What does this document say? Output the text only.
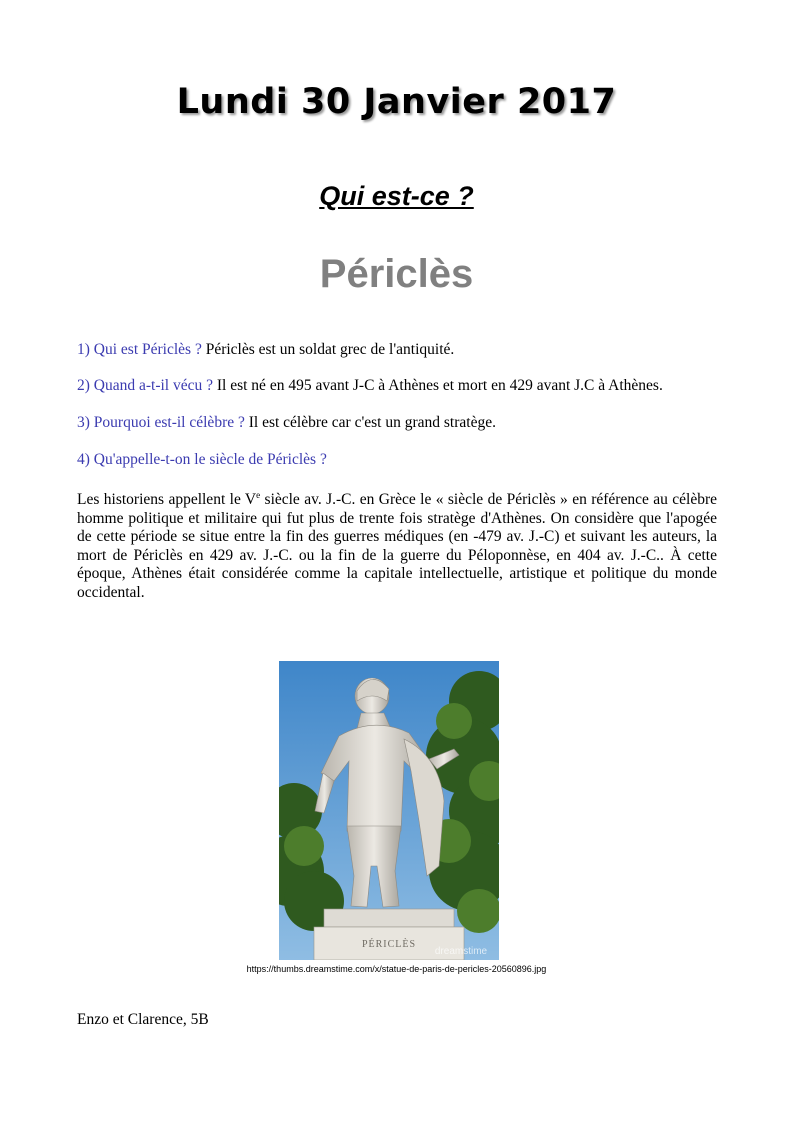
Lundi 30 Janvier 2017
Qui est-ce ?
Périclès
1) Qui est Périclès ? Périclès est un soldat grec de l'antiquité.
2) Quand a-t-il vécu ? Il est né en 495 avant J-C à Athènes et mort en 429 avant J.C à Athènes.
3) Pourquoi est-il célèbre ? Il est célèbre car c'est un grand stratège.
4) Qu'appelle-t-on le siècle de Périclès ?
Les historiens appellent le Ve siècle av. J.-C. en Grèce le « siècle de Périclès » en référence au célèbre homme politique et militaire qui fut plus de trente fois stratège d'Athènes. On considère que l'apogée de cette période se situe entre la fin des guerres médiques (en -479 av. J.-C) et suivant les auteurs, la mort de Périclès en 429 av. J.-C. ou la fin de la guerre du Péloponnèse, en 404 av. J.-C.. À cette époque, Athènes était considérée comme la capitale intellectuelle, artistique et politique du monde occidental.
PÉRICLÈS
dreamstime
https://thumbs.dreamstime.com/x/statue-de-paris-de-pericles-20560896.jpg
Enzo et Clarence, 5B
